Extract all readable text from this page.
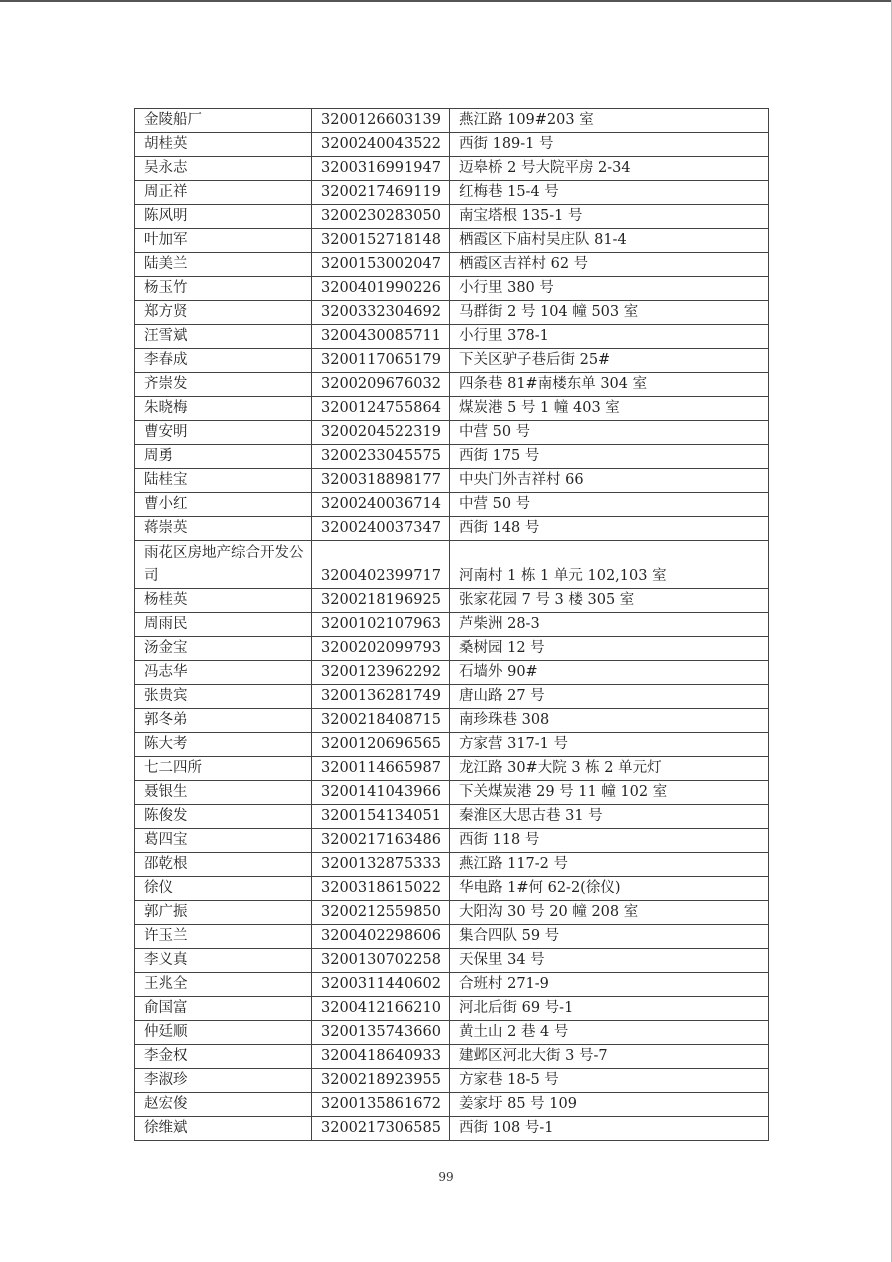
金陵船厂	3200126603139	燕江路 109#203 室
胡桂英	3200240043522	西街 189-1 号
吴永志	3200316991947	迈皋桥 2 号大院平房 2-34
周正祥	3200217469119	红梅巷 15-4 号
陈风明	3200230283050	南宝塔根 135-1 号
叶加军	3200152718148	栖霞区下庙村吴庄队 81-4
陆美兰	3200153002047	栖霞区吉祥村 62 号
杨玉竹	3200401990226	小行里 380 号
郑方贤	3200332304692	马群街 2 号 104 幢 503 室
汪雪斌	3200430085711	小行里 378-1
李春成	3200117065179	下关区驴子巷后街 25#
齐崇发	3200209676032	四条巷 81#南楼东单 304 室
朱晓梅	3200124755864	煤炭港 5 号 1 幢 403 室
曹安明	3200204522319	中营 50 号
周勇	3200233045575	西街 175 号
陆桂宝	3200318898177	中央门外吉祥村 66
曹小红	3200240036714	中营 50 号
蒋崇英	3200240037347	西街 148 号
雨花区房地产综合开发公司	3200402399717	河南村 1 栋 1 单元 102,103 室
杨桂英	3200218196925	张家花园 7 号 3 楼 305 室
周雨民	3200102107963	芦柴洲 28-3
汤金宝	3200202099793	桑树园 12 号
冯志华	3200123962292	石墙外 90#
张贵宾	3200136281749	唐山路 27 号
郭冬弟	3200218408715	南珍珠巷 308
陈大考	3200120696565	方家营 317-1 号
七二四所	3200114665987	龙江路 30#大院 3 栋 2 单元灯
聂银生	3200141043966	下关煤炭港 29 号 11 幢 102 室
陈俊发	3200154134051	秦淮区大思古巷 31 号
葛四宝	3200217163486	西街 118 号
邵乾根	3200132875333	燕江路 117-2 号
徐仪	3200318615022	华电路 1#何 62-2(徐仪)
郭广振	3200212559850	大阳沟 30 号 20 幢 208 室
许玉兰	3200402298606	集合四队 59 号
李义真	3200130702258	天保里 34 号
王兆全	3200311440602	合班村 271-9
俞国富	3200412166210	河北后街 69 号-1
仲廷顺	3200135743660	黄土山 2 巷 4 号
李金权	3200418640933	建邺区河北大街 3 号-7
李淑珍	3200218923955	方家巷 18-5 号
赵宏俊	3200135861672	姜家圩 85 号 109
徐维斌	3200217306585	西街 108 号-1
99
